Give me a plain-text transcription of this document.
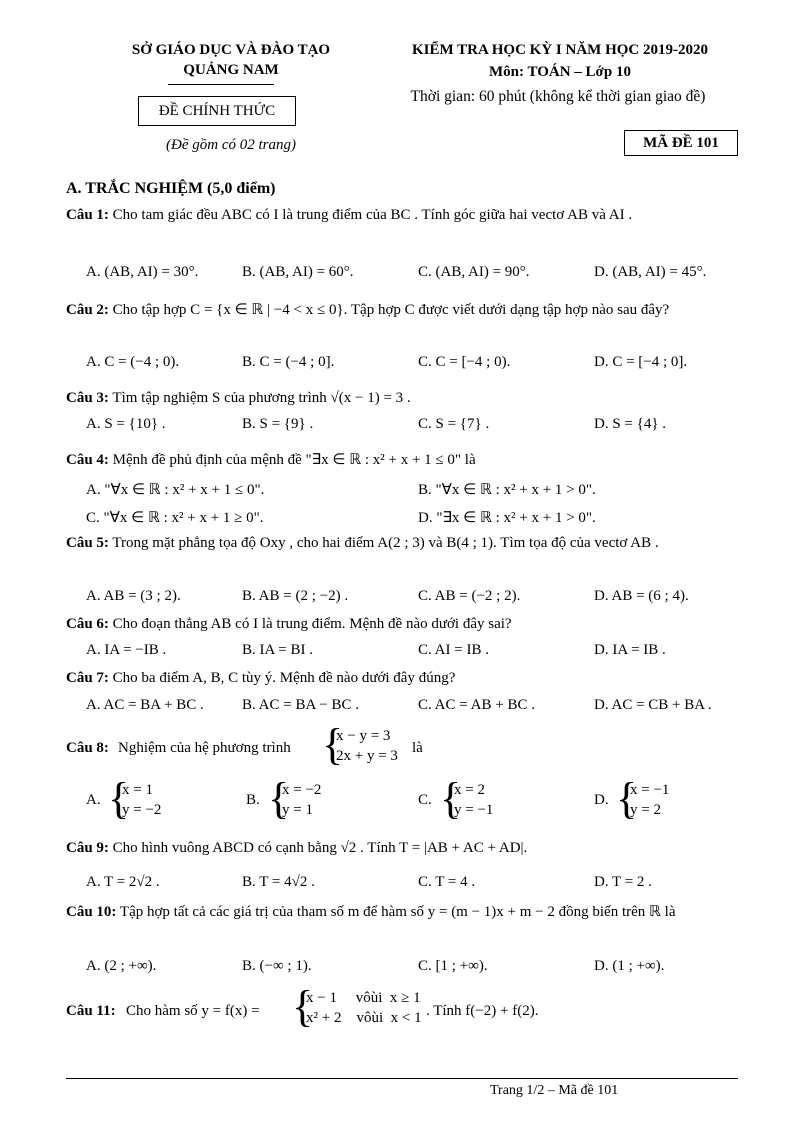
SỞ GIÁO DỤC VÀ ĐÀO TẠO
QUẢNG NAM
ĐỀ CHÍNH THỨC
(Đề gồm có 02 trang)
KIỂM TRA HỌC KỲ I NĂM HỌC 2019-2020
Môn: TOÁN – Lớp 10
Thời gian: 60 phút (không kể thời gian giao đề)
MÃ ĐỀ 101
A. TRẮC NGHIỆM (5,0 điểm)
Câu 1: Cho tam giác đều ABC có I là trung điểm của BC . Tính góc giữa hai vectơ AB và AI .
A. (AB, AI) = 30°.	B. (AB, AI) = 60°.	C. (AB, AI) = 90°.	D. (AB, AI) = 45°.
Câu 2: Cho tập hợp C = {x ∈ ℝ | −4 < x ≤ 0}. Tập hợp C được viết dưới dạng tập hợp nào sau đây?
A. C = (−4 ; 0).	B. C = (−4 ; 0].	C. C = [−4 ; 0).	D. C = [−4 ; 0].
Câu 3: Tìm tập nghiệm S của phương trình √(x − 1) = 3 .
A. S = {10} .	B. S = {9} .	C. S = {7} .	D. S = {4} .
Câu 4: Mệnh đề phủ định của mệnh đề "∃x ∈ ℝ : x² + x + 1 ≤ 0" là
A. "∀x ∈ ℝ : x² + x + 1 ≤ 0".	B. "∀x ∈ ℝ : x² + x + 1 > 0".
C. "∀x ∈ ℝ : x² + x + 1 ≥ 0".	D. "∃x ∈ ℝ : x² + x + 1 > 0".
Câu 5: Trong mặt phẳng tọa độ Oxy , cho hai điểm A(2 ; 3) và B(4 ; 1). Tìm tọa độ của vectơ AB .
A. AB = (3 ; 2).	B. AB = (2 ; −2) .	C. AB = (−2 ; 2).	D. AB = (6 ; 4).
Câu 6: Cho đoạn thẳng AB có I là trung điểm. Mệnh đề nào dưới đây sai?
A. IA = −IB .	B. IA = BI .	C. AI = IB .	D. IA = IB .
Câu 7: Cho ba điểm A, B, C tùy ý. Mệnh đề nào dưới đây đúng?
A. AC = BA + BC .	B. AC = BA − BC .	C. AC = AB + BC .	D. AC = CB + BA .
Câu 8: Nghiệm của hệ phương trình
{ x − y = 3
2x + y = 3 là
A.
{ x = 1
y = −2
B.
{ x = −2
y = 1
C.
{ x = 2
y = −1
D.
{ x = −1
y = 2
Câu 9: Cho hình vuông ABCD có cạnh bằng √2 . Tính T = |AB + AC + AD|.
A. T = 2√2 .	B. T = 4√2 .	C. T = 4 .	D. T = 2 .
Câu 10: Tập hợp tất cả các giá trị của tham số m để hàm số y = (m − 1)x + m − 2 đồng biến trên ℝ là
A. (2 ; +∞).	B. (−∞ ; 1).	C. [1 ; +∞).	D. (1 ; +∞).
Câu 11: Cho hàm số y = f(x) =
{ x − 1     vôùi  x ≥ 1
x² + 2    vôùi  x < 1 . Tính f(−2) + f(2).
Trang 1/2 – Mã đề 101
